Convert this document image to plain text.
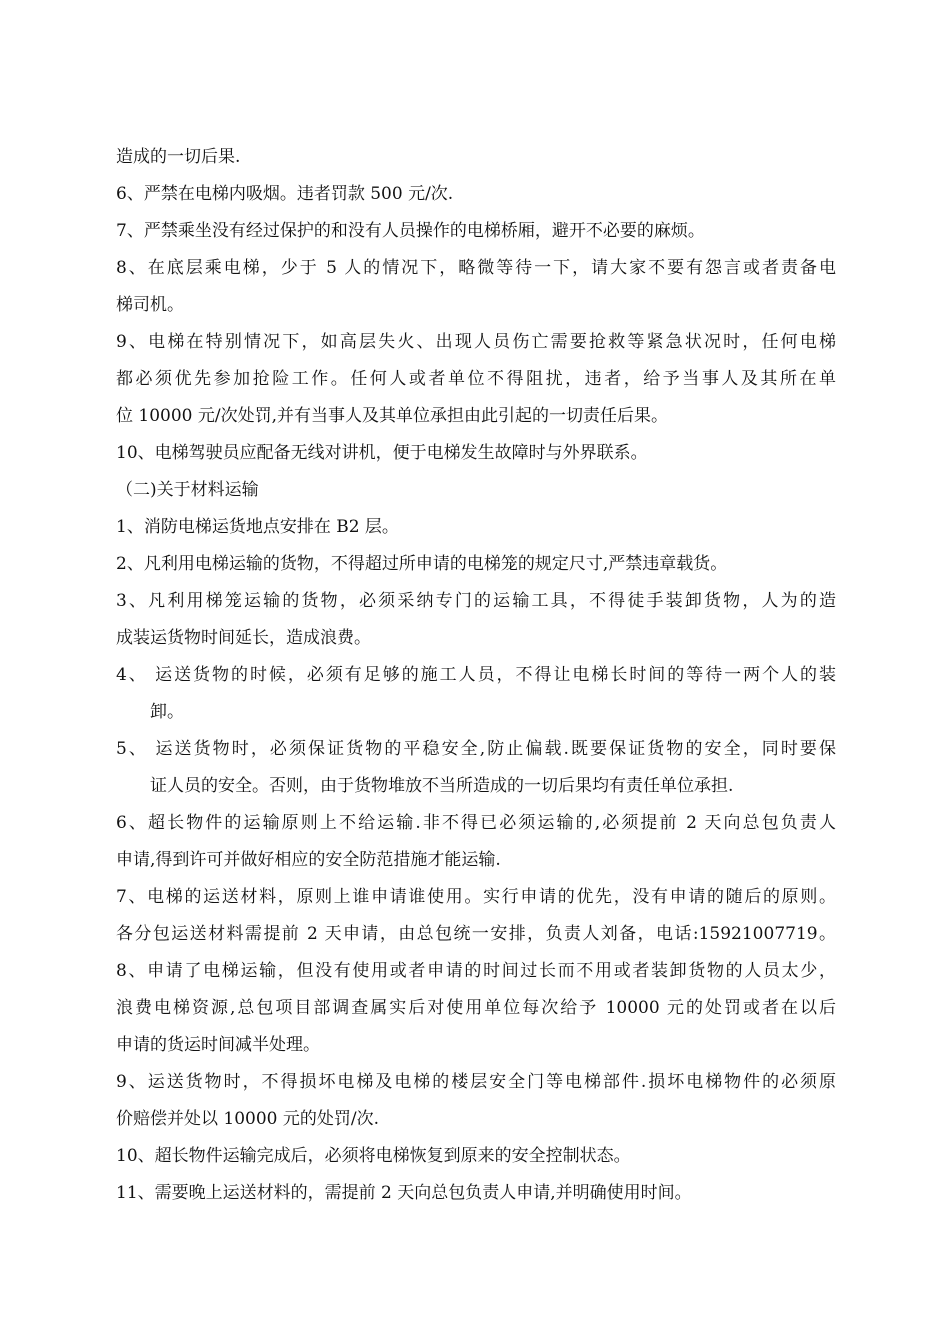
造成的一切后果.
6、严禁在电梯内吸烟。违者罚款 500 元/次.
7、严禁乘坐没有经过保护的和没有人员操作的电梯桥厢，避开不必要的麻烦。
8、在底层乘电梯，少于 5 人的情况下，略微等待一下，请大家不要有怨言或者责备电
梯司机。
9、电梯在特别情况下，如高层失火、出现人员伤亡需要抢救等紧急状况时，任何电梯
都必须优先参加抢险工作。任何人或者单位不得阻扰，违者，给予当事人及其所在单
位 10000 元/次处罚,并有当事人及其单位承担由此引起的一切责任后果。
10、电梯驾驶员应配备无线对讲机，便于电梯发生故障时与外界联系。
（二)关于材料运输
1、消防电梯运货地点安排在 B2 层。
2、凡利用电梯运输的货物，不得超过所申请的电梯笼的规定尺寸,严禁违章载货。
3、凡利用梯笼运输的货物，必须采纳专门的运输工具，不得徒手装卸货物，人为的造
成装运货物时间延长，造成浪费。
4、 运送货物的时候，必须有足够的施工人员，不得让电梯长时间的等待一两个人的装
卸。
5、 运送货物时，必须保证货物的平稳安全,防止偏载.既要保证货物的安全，同时要保
证人员的安全。否则，由于货物堆放不当所造成的一切后果均有责任单位承担.
6、超长物件的运输原则上不给运输.非不得已必须运输的,必须提前 2 天向总包负责人
申请,得到许可并做好相应的安全防范措施才能运输.
7、电梯的运送材料，原则上谁申请谁使用。实行申请的优先，没有申请的随后的原则。
各分包运送材料需提前 2 天申请，由总包统一安排，负责人刘备，电话:15921007719。
8、申请了电梯运输，但没有使用或者申请的时间过长而不用或者装卸货物的人员太少，
浪费电梯资源,总包项目部调查属实后对使用单位每次给予 10000 元的处罚或者在以后
申请的货运时间减半处理。
9、运送货物时，不得损坏电梯及电梯的楼层安全门等电梯部件.损坏电梯物件的必须原
价赔偿并处以 10000 元的处罚/次.
10、超长物件运输完成后，必须将电梯恢复到原来的安全控制状态。
11、需要晚上运送材料的，需提前 2 天向总包负责人申请,并明确使用时间。
